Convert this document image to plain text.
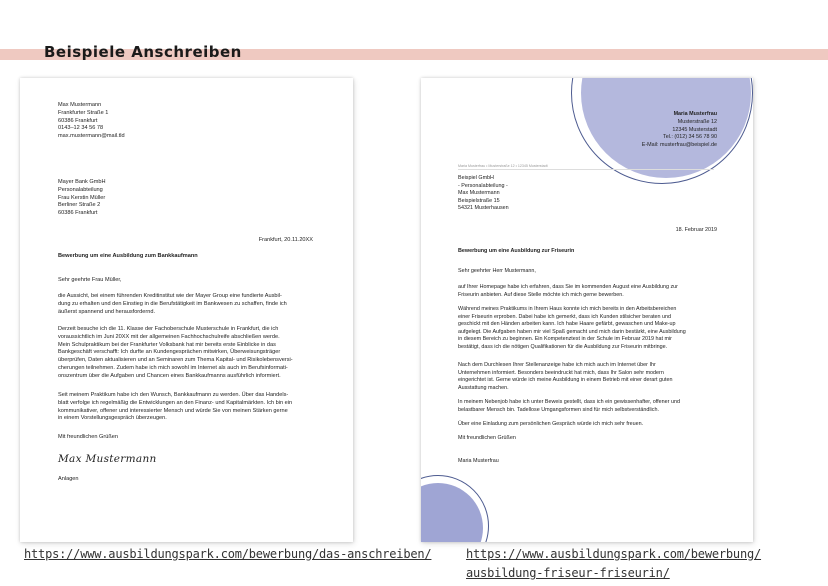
Beispiele Anschreiben
Max Mustermann
Frankfurter Straße 1
60386 Frankfurt
0143–12 34 56 78
max.mustermann@mail.tld
Mayer Bank GmbH
Personalabteilung
Frau Kerstin Müller
Berliner Straße 2
60386 Frankfurt
Frankfurt, 20.11.20XX
Bewerbung um eine Ausbildung zum Bankkaufmann
Sehr geehrte Frau Müller,
die Aussicht, bei einem führenden Kreditinstitut wie der Mayer Group eine fundierte Ausbil-
dung zu erhalten und den Einstieg in die Berufstätigkeit im Bankwesen zu schaffen, finde ich
äußerst spannend und herausfordernd.
Derzeit besuche ich die 11. Klasse der Fachoberschule Musterschule in Frankfurt, die ich
voraussichtlich im Juni 20XX mit der allgemeinen Fachhochschulreife abschließen werde.
Mein Schulpraktikum bei der Frankfurter Volksbank hat mir bereits erste Einblicke in das
Bankgeschäft verschafft: Ich durfte an Kundengesprächen mitwirken, Überweisungsträger
überprüfen, Daten aktualisieren und an Seminaren zum Thema Kapital- und Risikolebensversi-
cherungen teilnehmen. Zudem habe ich mich sowohl im Internet als auch im Berufsinformati-
onszentrum über die Aufgaben und Chancen eines Bankkaufmanns ausführlich informiert.
Seit meinem Praktikum habe ich den Wunsch, Bankkaufmann zu werden. Über das Handels-
blatt verfolge ich regelmäßig die Entwicklungen an den Finanz- und Kapitalmärkten. Ich bin ein
kommunikativer, offener und interessierter Mensch und würde Sie von meinen Stärken gerne
in einem Vorstellungsgespräch überzeugen.
Mit freundlichen Grüßen
Max Mustermann
Anlagen
Maria Musterfrau
Musterstraße 12
12345 Musterstadt
Tel.: (012) 34 56 78 90
E-Mail: musterfrau@beispiel.de
Maria Musterfrau • Musterstraße 12 • 12345 Musterstadt
Beispiel GmbH
- Personalabteilung -
Max Mustermann
Beispielstraße 15
54321 Musterhausen
18. Februar 2019
Bewerbung um eine Ausbildung zur Friseurin
Sehr geehrter Herr Mustermann,
auf Ihrer Homepage habe ich erfahren, dass Sie im kommenden August eine Ausbildung zur
Friseurin anbieten. Auf diese Stelle möchte ich mich gerne bewerben.
Während meines Praktikums in Ihrem Haus konnte ich mich bereits in den Arbeitsbereichen
einer Friseurin erproben. Dabei habe ich gemerkt, dass ich Kunden stilsicher beraten und
geschickt mit den Händen arbeiten kann. Ich habe Haare gefärbt, gewaschen und Make-up
aufgelegt. Die Aufgaben haben mir viel Spaß gemacht und mich darin bestärkt, eine Ausbildung
in diesem Bereich zu beginnen. Ein Kompetenztest in der Schule im Februar 2019 hat mir
bestätigt, dass ich die nötigen Qualifikationen für die Ausbildung zur Friseurin mitbringe.
Nach dem Durchlesen Ihrer Stellenanzeige habe ich mich auch im Internet über Ihr
Unternehmen informiert. Besonders beeindruckt hat mich, dass Ihr Salon sehr modern
eingerichtet ist. Gerne würde ich meine Ausbildung in einem Betrieb mit einer derart guten
Ausstattung machen.
In meinem Nebenjob habe ich unter Beweis gestellt, dass ich ein gewissenhafter, offener und
belastbarer Mensch bin. Tadellose Umgangsformen sind für mich selbstverständlich.
Über eine Einladung zum persönlichen Gespräch würde ich mich sehr freuen.
Mit freundlichen Grüßen
Maria Musterfrau
https://www.ausbildungspark.com/bewerbung/das-anschreiben/	https://www.ausbildungspark.com/bewerbung/
ausbildung-friseur-friseurin/
